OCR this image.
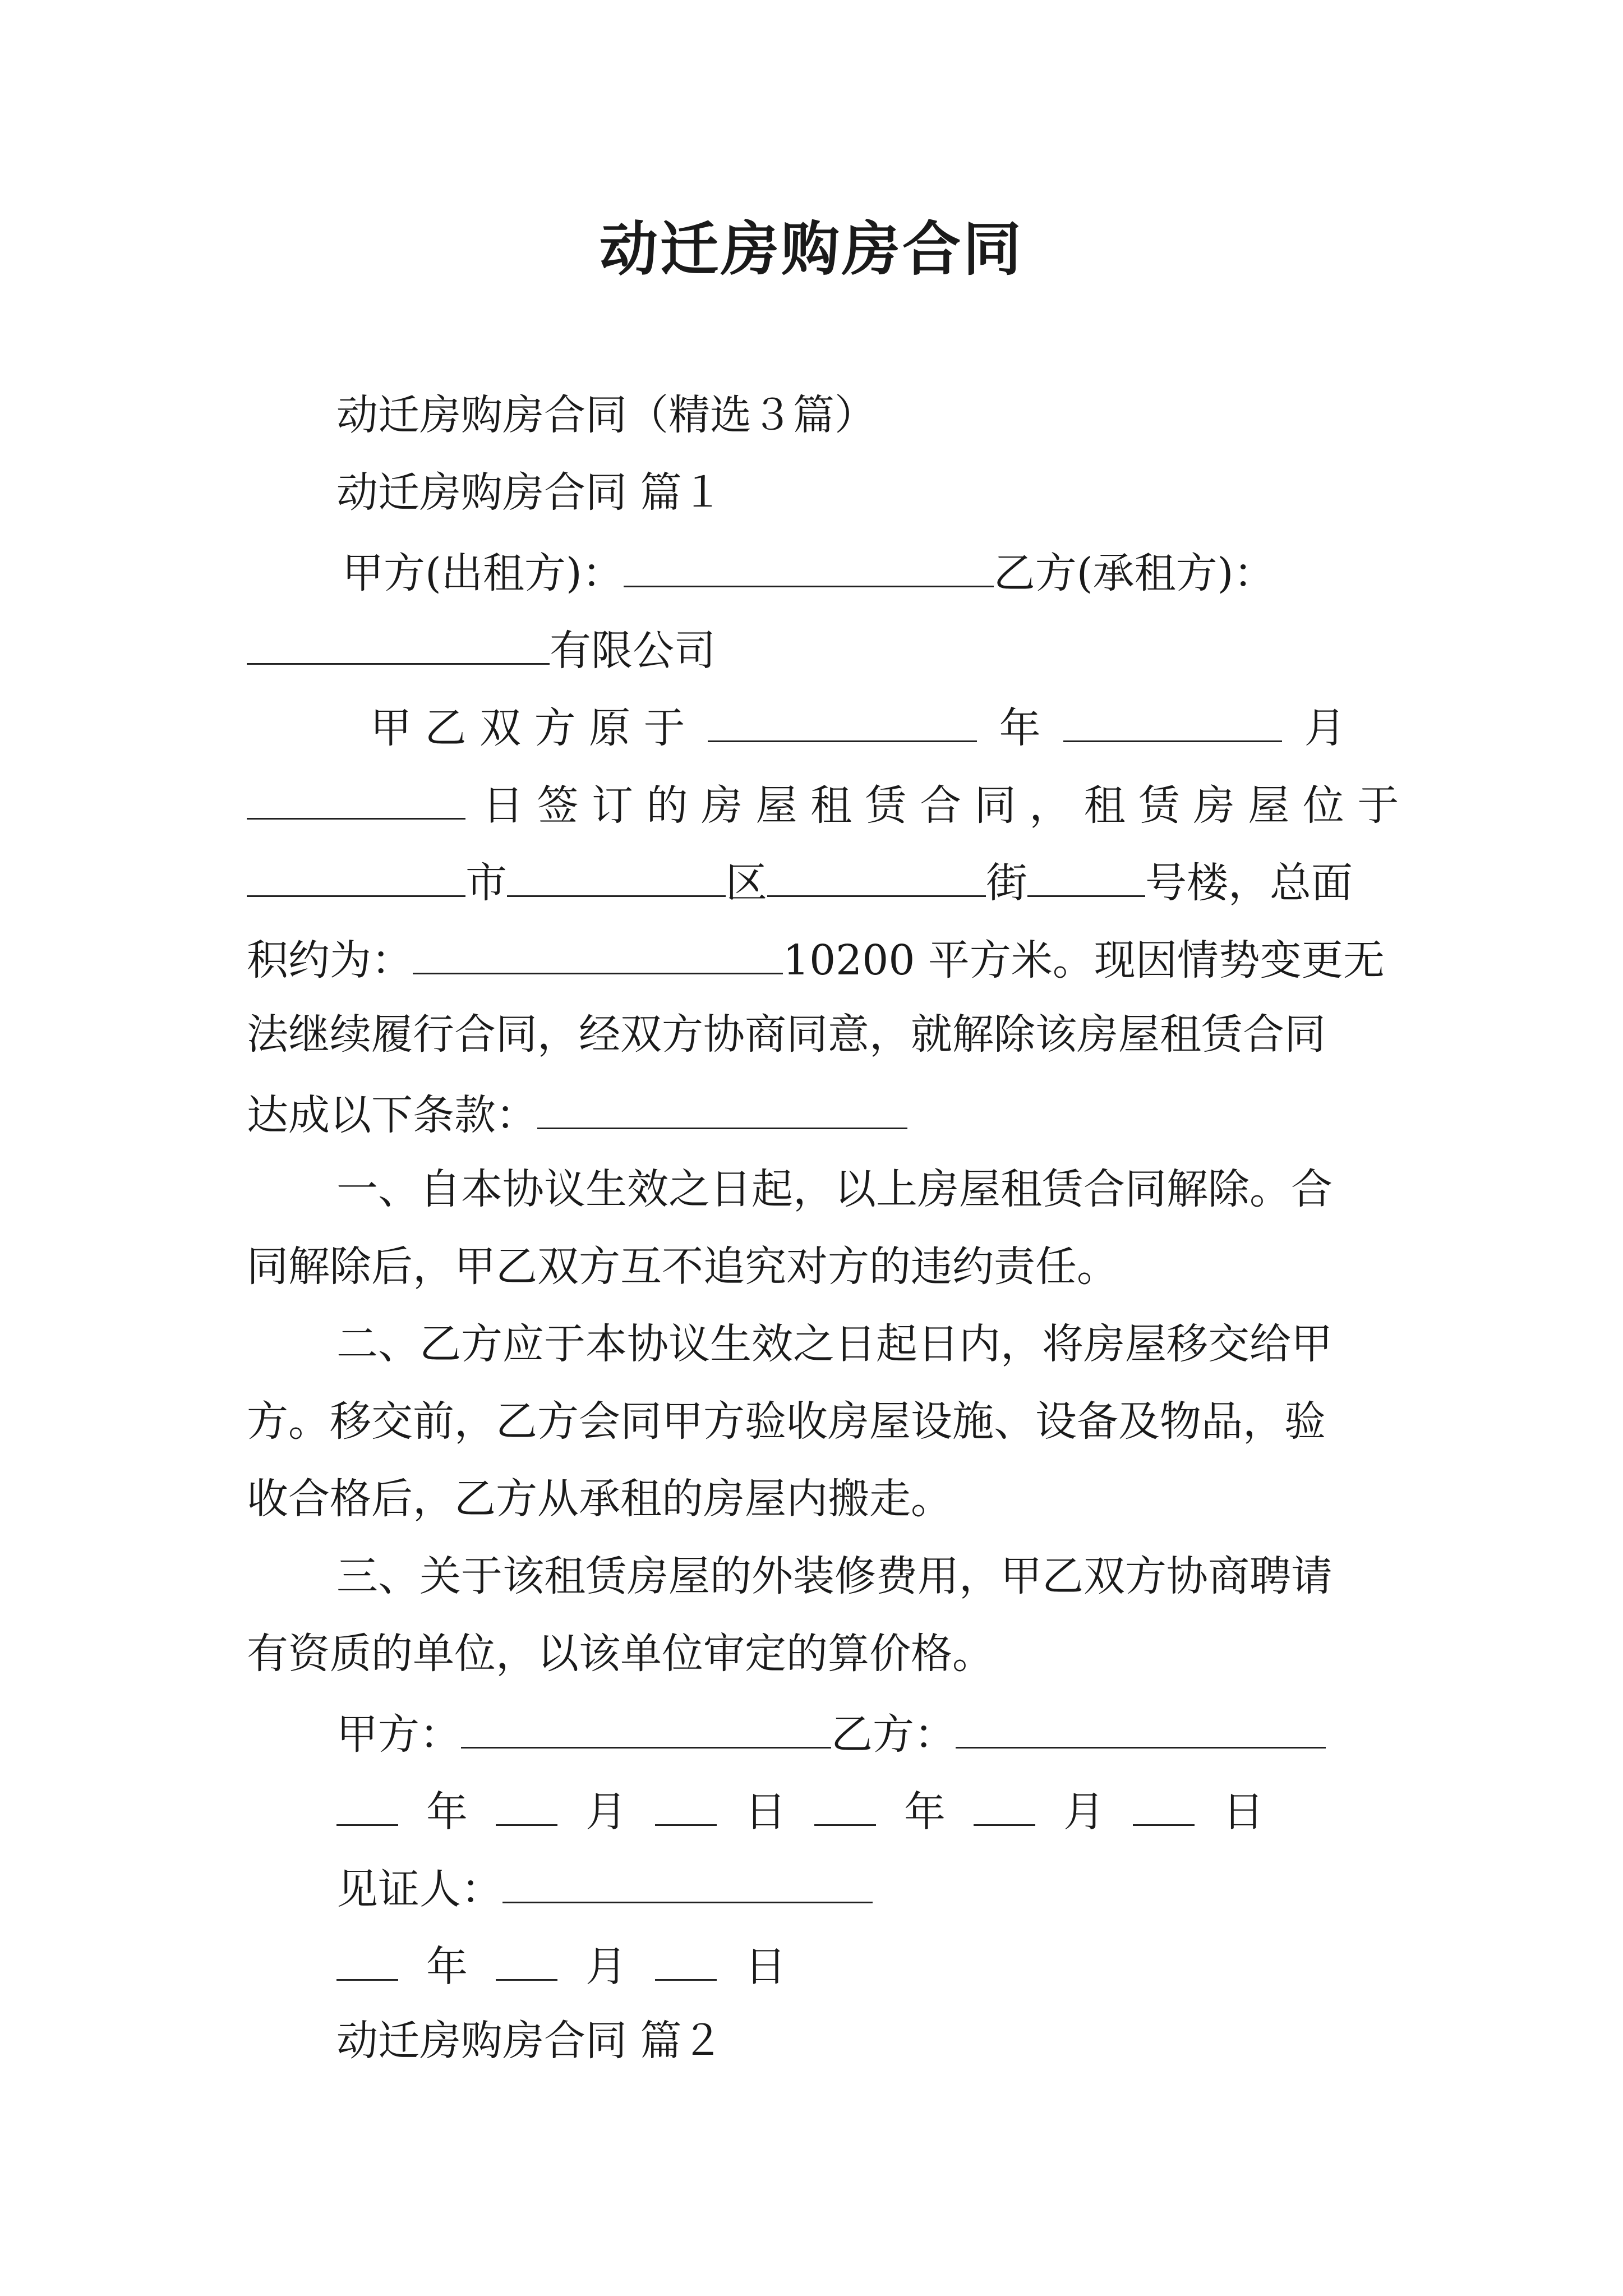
动迁房购房合同
动迁房购房合同（精选３篇）
动迁房购房合同 篇１
甲方(出租方)：	乙方(承租方)：
有限公司
甲 乙 双 方 原 于	年	月
日 签 订 的 房 屋 租 赁 合 同 ， 租 赁 房 屋 位 于
市	区	街	号楼，总面
积约为：	10200 平方米。现因情势变更无
法继续履行合同，经双方协商同意，就解除该房屋租赁合同
达成以下条款：
一、自本协议生效之日起，以上房屋租赁合同解除。合
同解除后，甲乙双方互不追究对方的违约责任。
二、乙方应于本协议生效之日起日内，将房屋移交给甲
方。移交前，乙方会同甲方验收房屋设施、设备及物品，验
收合格后，乙方从承租的房屋内搬走。
三、关于该租赁房屋的外装修费用，甲乙双方协商聘请
有资质的单位，以该单位审定的算价格。
甲方：	乙方：
年	月	日	年	月	日
见证人：
年	月	日
动迁房购房合同 篇２
